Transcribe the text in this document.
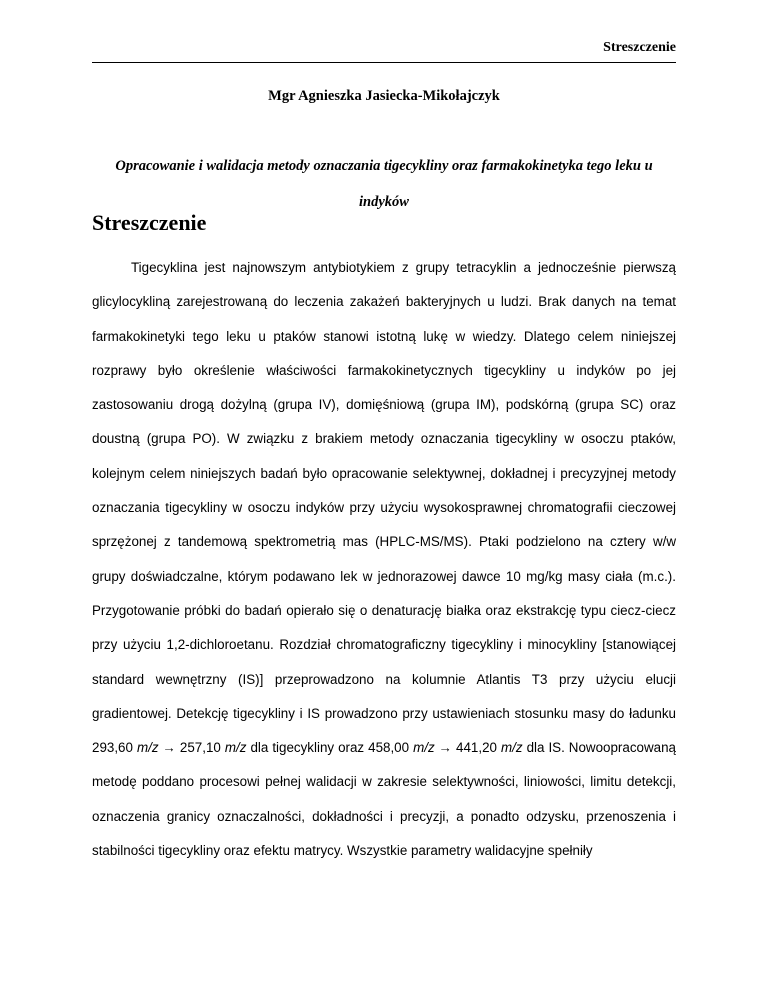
Streszczenie
Mgr Agnieszka Jasiecka-Mikołajczyk
Opracowanie i walidacja metody oznaczania tigecykliny oraz farmakokinetyka tego leku u indyków
Streszczenie

Tigecyklina jest najnowszym antybiotykiem z grupy tetracyklin a jednocześnie pierwszą glicylocykliną zarejestrowaną do leczenia zakażeń bakteryjnych u ludzi. Brak danych na temat farmakokinetyki tego leku u ptaków stanowi istotną lukę w wiedzy. Dlatego celem niniejszej rozprawy było określenie właściwości farmakokinetycznych tigecykliny u indyków po jej zastosowaniu drogą dożylną (grupa IV), domięśniową (grupa IM), podskórną (grupa SC) oraz doustną (grupa PO). W związku z brakiem metody oznaczania tigecykliny w osoczu ptaków, kolejnym celem niniejszych badań było opracowanie selektywnej, dokładnej i precyzyjnej metody oznaczania tigecykliny w osoczu indyków przy użyciu wysokosprawnej chromatografii cieczowej sprzężonej z tandemową spektrometrią mas (HPLC-MS/MS). Ptaki podzielono na cztery w/w grupy doświadczalne, którym podawano lek w jednorazowej dawce 10 mg/kg masy ciała (m.c.). Przygotowanie próbki do badań opierało się o denaturację białka oraz ekstrakcję typu ciecz-ciecz przy użyciu 1,2-dichloroetanu. Rozdział chromatograficzny tigecykliny i minocykliny [stanowiącej standard wewnętrzny (IS)] przeprowadzono na kolumnie Atlantis T3 przy użyciu elucji gradientowej. Detekcję tigecykliny i IS prowadzono przy ustawieniach stosunku masy do ładunku 293,60 m/z → 257,10 m/z dla tigecykliny oraz 458,00 m/z → 441,20 m/z dla IS. Nowoopracowaną metodę poddano procesowi pełnej walidacji w zakresie selektywności, liniowości, limitu detekcji, oznaczenia granicy oznaczalności, dokładności i precyzji, a ponadto odzysku, przenoszenia i stabilności tigecykliny oraz efektu matrycy. Wszystkie parametry walidacyjne spełniły
